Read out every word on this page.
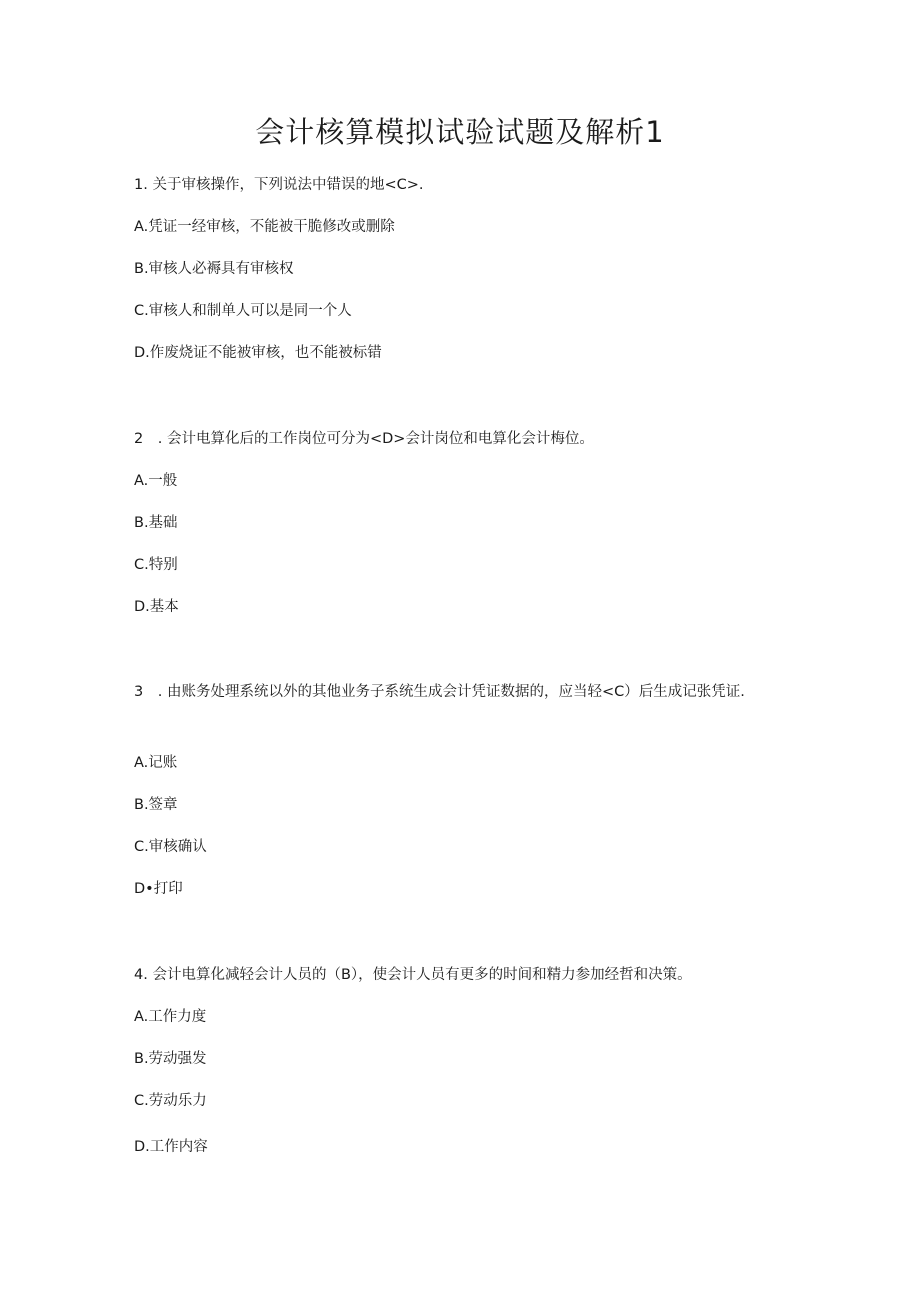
会计核算模拟试验试题及解析1
1. 关于审核操作，下列说法中错误的地<C>.
A.凭证一经审核，不能被干脆修改或删除
B.审核人必褥具有审核权
C.审核人和制单人可以是同一个人
D.作废烧证不能被审核，也不能被标错
2　. 会计电算化后的工作岗位可分为<D>会计岗位和电算化会计梅位。
A.一般
B.基础
C.特别
D.基本
3　. 由账务处理系统以外的其他业务子系统生成会计凭证数据的，应当轻<C）后生成记张凭证.
A.记账
B.签章
C.审核确认
D•打印
4. 会计电算化减轻会计人员的（B），使会计人员有更多的时间和精力参加经哲和决策。
A.工作力度
B.劳动强发
C.劳动乐力
D.工作内容
